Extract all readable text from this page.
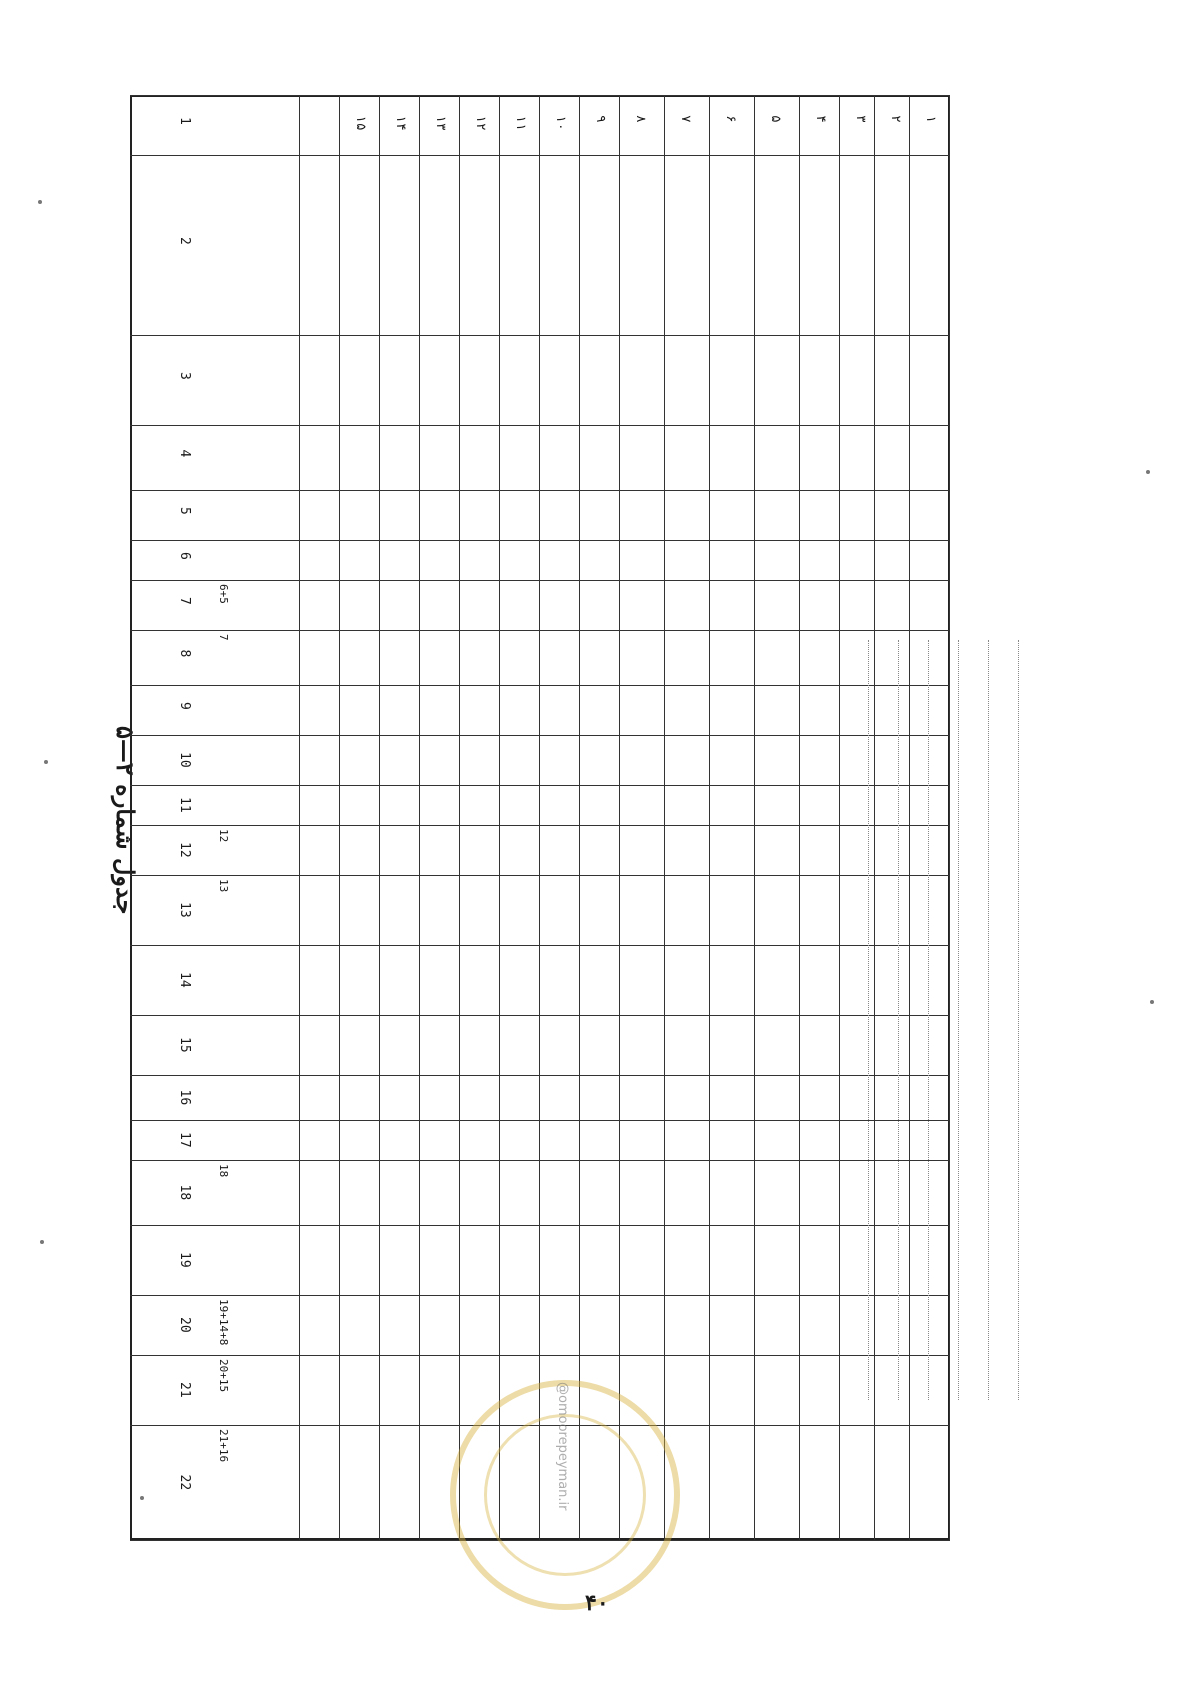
جدول شماره ۲—۵
1
2
3
4
5
6
7
8
9
10
11
12
13
14
15
16
17
18
19
20
21
22
۱
۲
۳
۴
۵
۶
۷
۸
۹
۱۰
۱۱
۱۲
۱۳
۱۴
۱۵
6+5
7
12
13
18
19+14+8
20+15
21+16	@omoorepeyman.ir
۴۰
